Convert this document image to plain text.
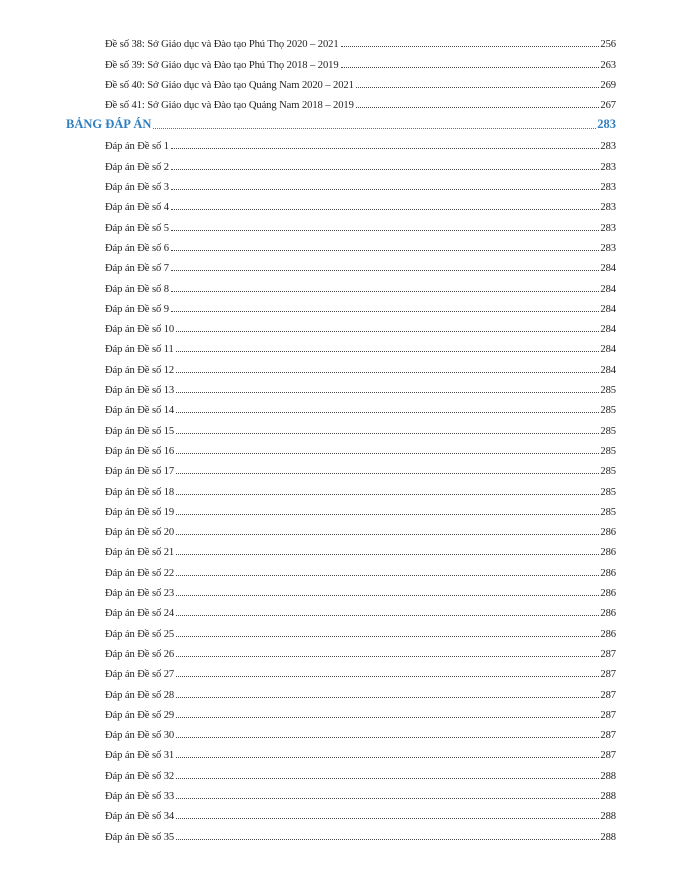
Đề số 38: Sở Giáo dục và Đào tạo Phú Thọ 2020 – 2021	256
Đề số 39: Sở Giáo dục và Đào tạo Phú Thọ 2018 – 2019	263
Đề số 40: Sở Giáo dục và Đào tạo Quảng Nam 2020 – 2021	269
Đề số 41: Sở Giáo dục và Đào tạo Quảng Nam 2018 – 2019	267
BẢNG ĐÁP ÁN	283
Đáp án Đề số 1	283
Đáp án Đề số 2	283
Đáp án Đề số 3	283
Đáp án Đề số 4	283
Đáp án Đề số 5	283
Đáp án Đề số 6	283
Đáp án Đề số 7	284
Đáp án Đề số 8	284
Đáp án Đề số 9	284
Đáp án Đề số 10	284
Đáp án Đề số 11	284
Đáp án Đề số 12	284
Đáp án Đề số 13	285
Đáp án Đề số 14	285
Đáp án Đề số 15	285
Đáp án Đề số 16	285
Đáp án Đề số 17	285
Đáp án Đề số 18	285
Đáp án Đề số 19	285
Đáp án Đề số 20	286
Đáp án Đề số 21	286
Đáp án Đề số 22	286
Đáp án Đề số 23	286
Đáp án Đề số 24	286
Đáp án Đề số 25	286
Đáp án Đề số 26	287
Đáp án Đề số 27	287
Đáp án Đề số 28	287
Đáp án Đề số 29	287
Đáp án Đề số 30	287
Đáp án Đề số 31	287
Đáp án Đề số 32	288
Đáp án Đề số 33	288
Đáp án Đề số 34	288
Đáp án Đề số 35	288
